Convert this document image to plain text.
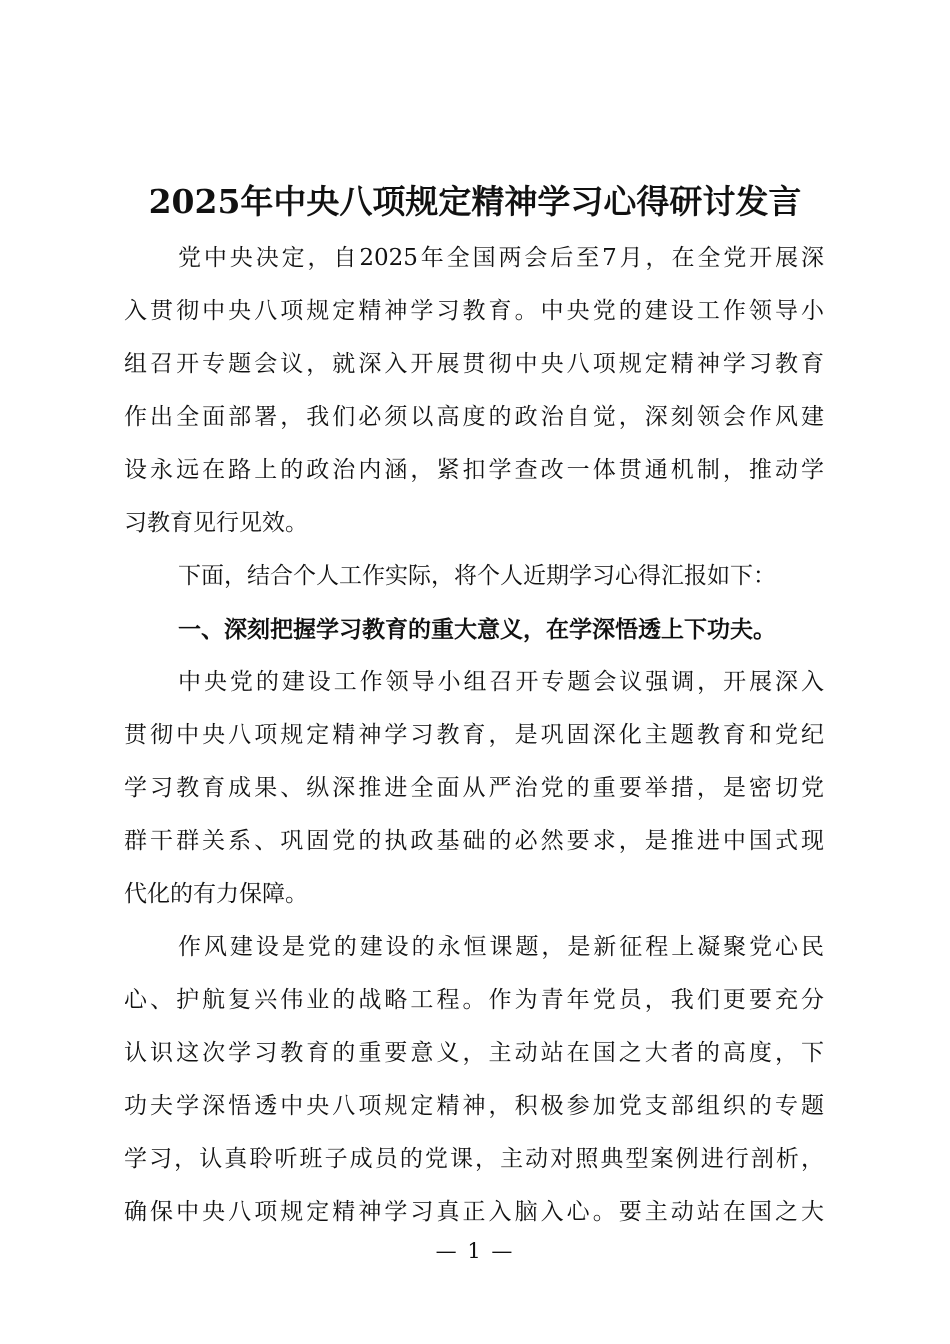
2025年中央八项规定精神学习心得研讨发言
党中央决定，自2025年全国两会后至7月，在全党开展深
入贯彻中央八项规定精神学习教育。中央党的建设工作领导小
组召开专题会议，就深入开展贯彻中央八项规定精神学习教育
作出全面部署，我们必须以高度的政治自觉，深刻领会作风建
设永远在路上的政治内涵，紧扣学查改一体贯通机制，推动学
习教育见行见效。
下面，结合个人工作实际，将个人近期学习心得汇报如下：
一、深刻把握学习教育的重大意义，在学深悟透上下功夫。
中央党的建设工作领导小组召开专题会议强调，开展深入
贯彻中央八项规定精神学习教育，是巩固深化主题教育和党纪
学习教育成果、纵深推进全面从严治党的重要举措，是密切党
群干群关系、巩固党的执政基础的必然要求，是推进中国式现
代化的有力保障。
作风建设是党的建设的永恒课题，是新征程上凝聚党心民
心、护航复兴伟业的战略工程。作为青年党员，我们更要充分
认识这次学习教育的重要意义，主动站在国之大者的高度，下
功夫学深悟透中央八项规定精神，积极参加党支部组织的专题
学习，认真聆听班子成员的党课，主动对照典型案例进行剖析，
确保中央八项规定精神学习真正入脑入心。要主动站在国之大
— 1 —
